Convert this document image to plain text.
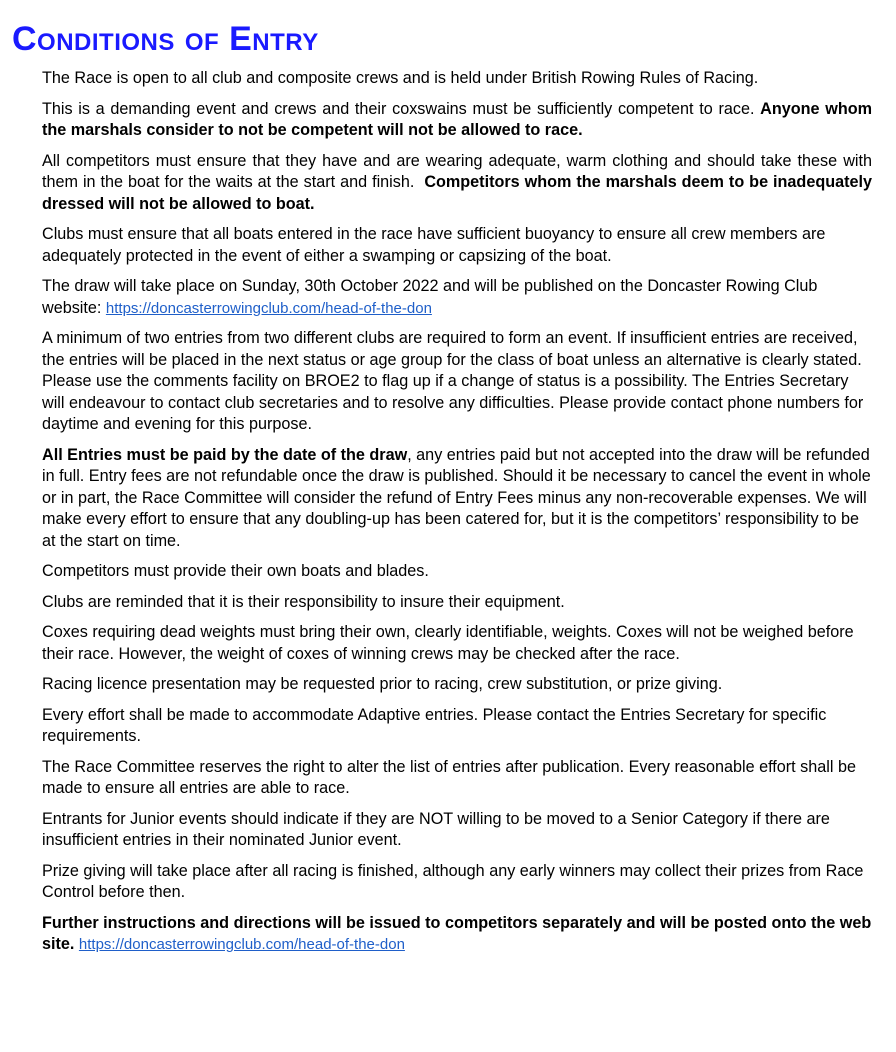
Conditions of Entry

The Race is open to all club and composite crews and is held under British Rowing Rules of Racing.

This is a demanding event and crews and their coxswains must be sufficiently competent to race. Anyone whom the marshals consider to not be competent will not be allowed to race.

All competitors must ensure that they have and are wearing adequate, warm clothing and should take these with them in the boat for the waits at the start and finish. Competitors whom the marshals deem to be inadequately dressed will not be allowed to boat.

Clubs must ensure that all boats entered in the race have sufficient buoyancy to ensure all crew members are adequately protected in the event of either a swamping or capsizing of the boat.

The draw will take place on Sunday, 30th October 2022 and will be published on the Doncaster Rowing Club website: https://doncasterrowingclub.com/head-of-the-don

A minimum of two entries from two different clubs are required to form an event. If insufficient entries are received, the entries will be placed in the next status or age group for the class of boat unless an alternative is clearly stated. Please use the comments facility on BROE2 to flag up if a change of status is a possibility. The Entries Secretary will endeavour to contact club secretaries and to resolve any difficulties. Please provide contact phone numbers for daytime and evening for this purpose.

All Entries must be paid by the date of the draw, any entries paid but not accepted into the draw will be refunded in full. Entry fees are not refundable once the draw is published. Should it be necessary to cancel the event in whole or in part, the Race Committee will consider the refund of Entry Fees minus any non-recoverable expenses. We will make every effort to ensure that any doubling-up has been catered for, but it is the competitors’ responsibility to be at the start on time.

Competitors must provide their own boats and blades.

Clubs are reminded that it is their responsibility to insure their equipment.

Coxes requiring dead weights must bring their own, clearly identifiable, weights. Coxes will not be weighed before their race. However, the weight of coxes of winning crews may be checked after the race.

Racing licence presentation may be requested prior to racing, crew substitution, or prize giving.

Every effort shall be made to accommodate Adaptive entries. Please contact the Entries Secretary for specific requirements.

The Race Committee reserves the right to alter the list of entries after publication. Every reasonable effort shall be made to ensure all entries are able to race.

Entrants for Junior events should indicate if they are NOT willing to be moved to a Senior Category if there are insufficient entries in their nominated Junior event.

Prize giving will take place after all racing is finished, although any early winners may collect their prizes from Race Control before then.

Further instructions and directions will be issued to competitors separately and will be posted onto the web site. https://doncasterrowingclub.com/head-of-the-don
